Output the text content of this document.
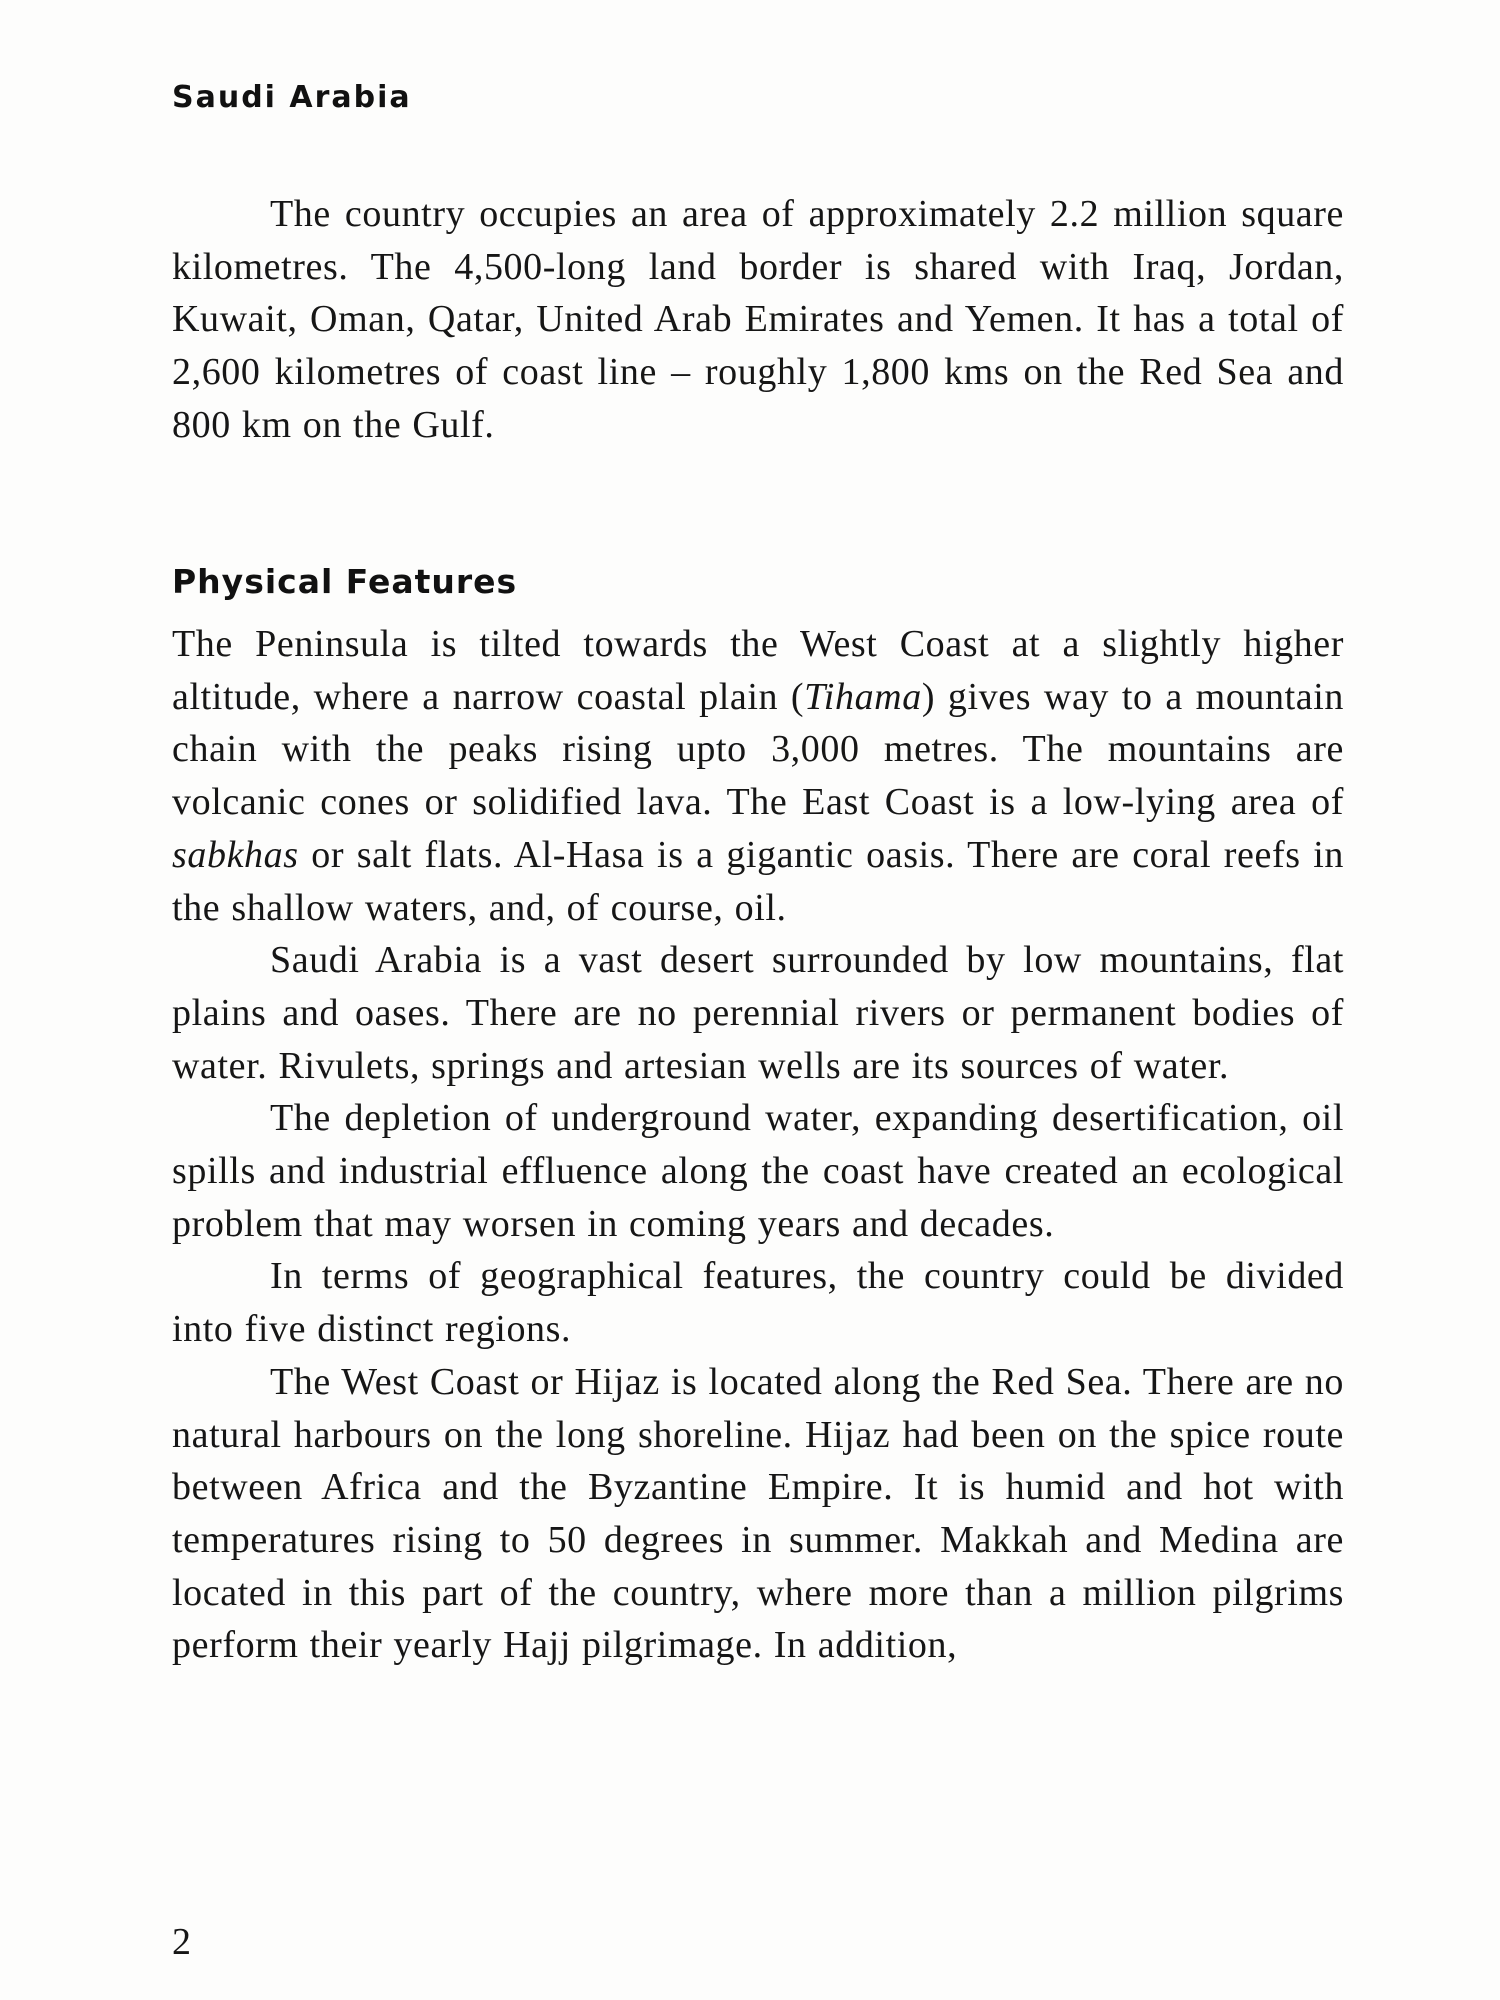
Saudi Arabia

The country occupies an area of approximately 2.2 million square kilometres. The 4,500-long land border is shared with Iraq, Jordan, Kuwait, Oman, Qatar, United Arab Emirates and Yemen. It has a total of 2,600 kilometres of coast line – roughly 1,800 kms on the Red Sea and 800 km on the Gulf.

Physical Features

The Peninsula is tilted towards the West Coast at a slightly higher altitude, where a narrow coastal plain (Tihama) gives way to a mountain chain with the peaks rising upto 3,000 metres. The mountains are volcanic cones or solidified lava. The East Coast is a low-lying area of sabkhas or salt flats. Al-Hasa is a gigantic oasis. There are coral reefs in the shallow waters, and, of course, oil.

Saudi Arabia is a vast desert surrounded by low mountains, flat plains and oases. There are no perennial rivers or permanent bodies of water. Rivulets, springs and artesian wells are its sources of water.

The depletion of underground water, expanding desertification, oil spills and industrial effluence along the coast have created an ecological problem that may worsen in coming years and decades.

In terms of geographical features, the country could be divided into five distinct regions.

The West Coast or Hijaz is located along the Red Sea. There are no natural harbours on the long shoreline. Hijaz had been on the spice route between Africa and the Byzantine Empire. It is humid and hot with temperatures rising to 50 degrees in summer. Makkah and Medina are located in this part of the country, where more than a million pilgrims perform their yearly Hajj pilgrimage. In addition,

2
